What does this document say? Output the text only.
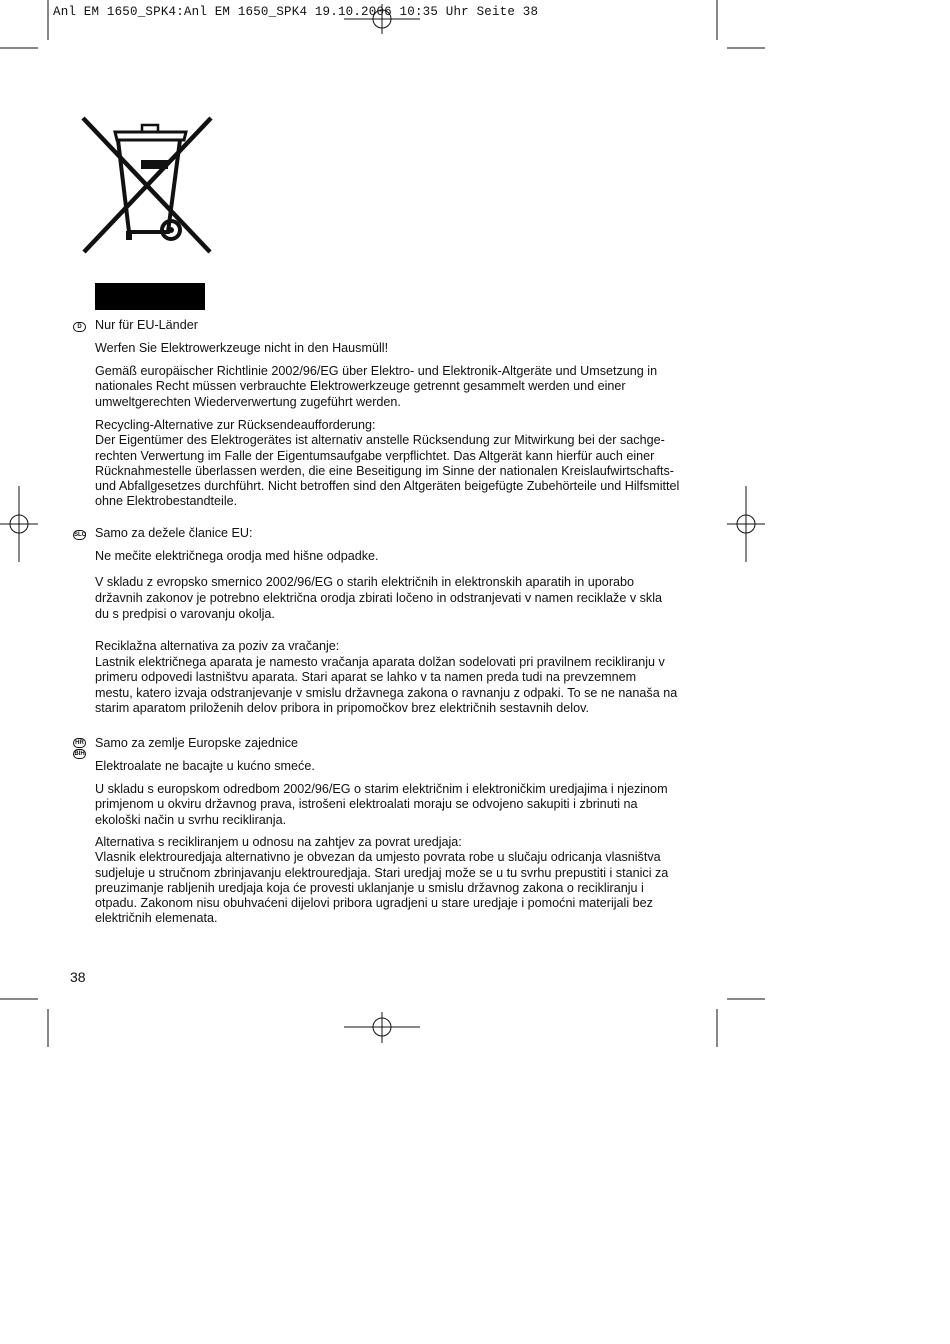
Anl EM 1650_SPK4:Anl EM 1650_SPK4 19.10.2006 10:35 Uhr Seite 38
D	Nur für EU-Länder
Werfen Sie Elektrowerkzeuge nicht in den Hausmüll!

Gemäß europäischer Richtlinie 2002/96/EG über Elektro- und Elektronik-Altgeräte und Umsetzung in

nationales Recht müssen verbrauchte Elektrowerkzeuge getrennt gesammelt werden und einer

umweltgerechten Wiederverwertung zugeführt werden.

Recycling-Alternative zur Rücksendeaufforderung:

Der Eigentümer des Elektrogerätes ist alternativ anstelle Rücksendung zur Mitwirkung bei der sachge-

rechten Verwertung im Falle der Eigentumsaufgabe verpflichtet. Das Altgerät kann hierfür auch einer

Rücknahmestelle überlassen werden, die eine Beseitigung im Sinne der nationalen Kreislaufwirtschafts-

und Abfallgesetzes durchführt. Nicht betroffen sind den Altgeräten beigefügte Zubehörteile und Hilfsmittel

ohne Elektrobestandteile.

SLO Samo za dežele članice EU:
Ne mečite električnega orodja med hišne odpadke.

V skladu z evropsko smernico 2002/96/EG o starih električnih in elektronskih aparatih in uporabo

državnih zakonov je potrebno električna orodja zbirati ločeno in odstranjevati v namen reciklaže v skla

du s predpisi o varovanju okolja.

Reciklažna alternativa za poziv za vračanje:

Lastnik električnega aparata je namesto vračanja aparata dolžan sodelovati pri pravilnem recikliranju v

primeru odpovedi lastništvu aparata. Stari aparat se lahko v ta namen preda tudi na prevzemnem

mestu, katero izvaja odstranjevanje v smislu državnega zakona o ravnanju z odpaki. To se ne nanaša na

starim aparatom priloženih delov pribora in pripomočkov brez električnih sestavnih delov.

HR
BIH
Samo za zemlje Europske zajednice
Elektroalate ne bacajte u kućno smeće.

U skladu s europskom odredbom 2002/96/EG o starim električnim i elektroničkim uredjajima i njezinom

primjenom u okviru državnog prava, istrošeni elektroalati moraju se odvojeno sakupiti i zbrinuti na

ekološki način u svrhu recikliranja.

Alternativa s recikliranjem u odnosu na zahtjev za povrat uredjaja:

Vlasnik elektrouredjaja alternativno je obvezan da umjesto povrata robe u slučaju odricanja vlasništva

sudjeluje u stručnom zbrinjavanju elektrouredjaja. Stari uredjaj može se u tu svrhu prepustiti i stanici za

preuzimanje rabljenih uredjaja koja će provesti uklanjanje u smislu državnog zakona o recikliranju i

otpadu. Zakonom nisu obuhvaćeni dijelovi pribora ugradjeni u stare uredjaje i pomoćni materijali bez

električnih elemenata.

38
